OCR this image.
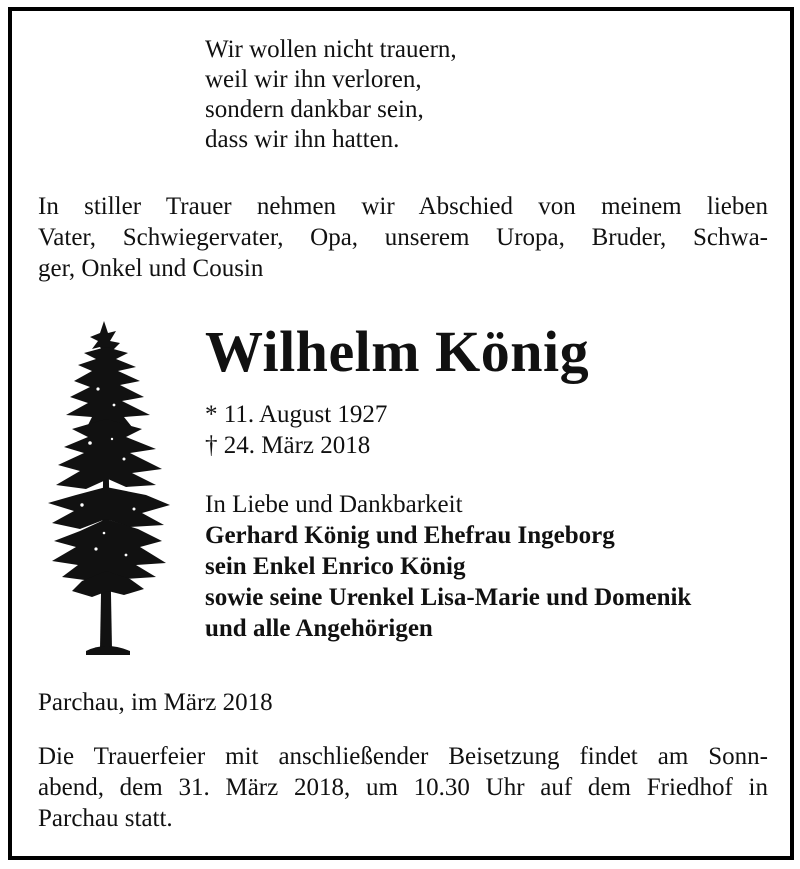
Wir wollen nicht trauern,
weil wir ihn verloren,
sondern dankbar sein,
dass wir ihn hatten.
In stiller Trauer nehmen wir Abschied von meinem lieben
Vater, Schwiegervater, Opa, unserem Uropa, Bruder, Schwa-
ger, Onkel und Cousin
Wilhelm König
* 11. August 1927
† 24. März 2018
In Liebe und Dankbarkeit
Gerhard König und Ehefrau Ingeborg
sein Enkel Enrico König
sowie seine Urenkel Lisa-Marie und Domenik
und alle Angehörigen
Parchau, im März 2018
Die Trauerfeier mit anschließender Beisetzung findet am Sonn-
abend, dem 31. März 2018, um 10.30 Uhr auf dem Friedhof in
Parchau statt.
